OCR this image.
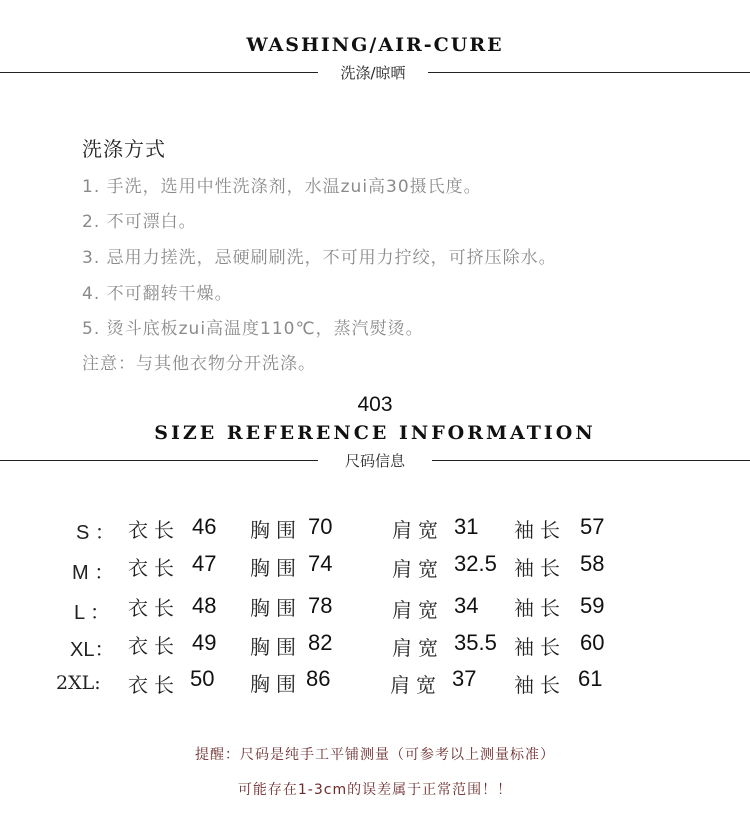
WASHING/AIR-CURE
洗涤/晾晒
洗涤方式
1. 手洗，选用中性洗涤剂，水温zui高30摄氏度。
2. 不可漂白。
3. 忌用力搓洗，忌硬刷刷洗，不可用力拧绞，可挤压除水。
4. 不可翻转干燥。
5. 烫斗底板zui高温度110℃，蒸汽熨烫。
注意：与其他衣物分开洗涤。
403
SIZE REFERENCE INFORMATION
尺码信息
S ： 衣长 46 胸围 70	肩宽 31 袖长 57
M ： 衣长 47 胸围 74	肩宽 32.5 袖长 58
L ： 衣长 48 胸围 78	肩宽 34 袖长 59
XL： 衣长 49 胸围 82	肩宽 35.5 袖长 60
2XL: 衣长 50 胸围 86	肩宽 37 袖长 61
提醒：尺码是纯手工平铺测量（可参考以上测量标准）
可能存在1-3cm的误差属于正常范围！！
